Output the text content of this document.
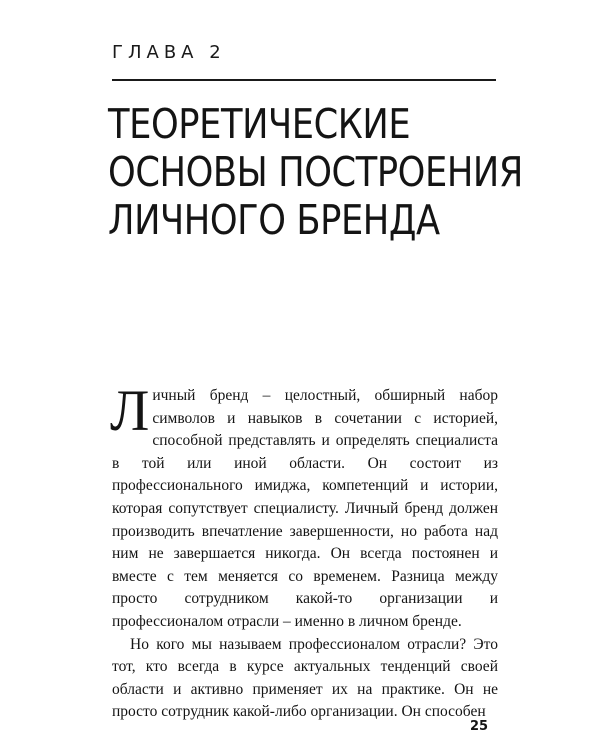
ГЛАВА 2
ТЕОРЕТИЧЕСКИЕ
ОСНОВЫ ПОСТРОЕНИЯ
ЛИЧНОГО БРЕНДА

Личный бренд – целостный, обширный набор символов и навыков в сочетании с историей, способной представлять и определять специалиста в той или иной области. Он состоит из профессионального имиджа, компетенций и истории, которая сопутствует специалисту. Личный бренд должен производить впечатление завершенности, но работа над ним не завершается никогда. Он всегда постоянен и вместе с тем меняется со временем. Разница между просто сотрудником какой-то организации и профессионалом отрасли – именно в личном бренде.

Но кого мы называем профессионалом отрасли? Это тот, кто всегда в курсе актуальных тенденций своей области и активно применяет их на практике. Он не просто сотрудник какой-либо организации. Он способен

25
